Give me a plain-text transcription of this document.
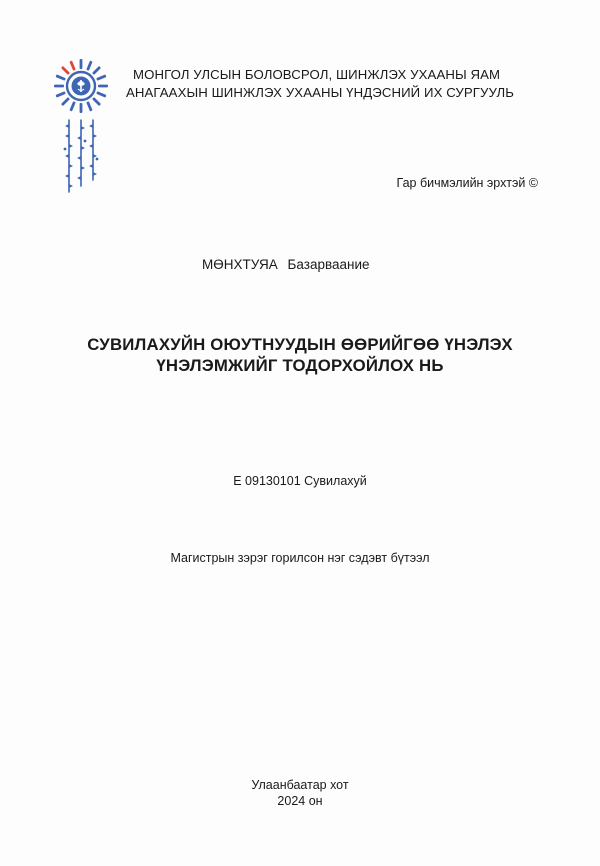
МОНГОЛ УЛСЫН БОЛОВСРОЛ, ШИНЖЛЭХ УХААНЫ ЯАМ
АНАГААХЫН ШИНЖЛЭХ УХААНЫ ҮНДЭСНИЙ ИХ СУРГУУЛЬ
Гар бичмэлийн эрхтэй ©
МӨНХТУЯА Базарваание
СУВИЛАХУЙН ОЮУТНУУДЫН ӨӨРИЙГӨӨ ҮНЭЛЭХ
ҮНЭЛЭМЖИЙГ ТОДОРХОЙЛОХ НЬ
E 09130101 Сувилахуй
Магистрын зэрэг горилсон нэг сэдэвт бүтээл
Улаанбаатар хот
2024 он
